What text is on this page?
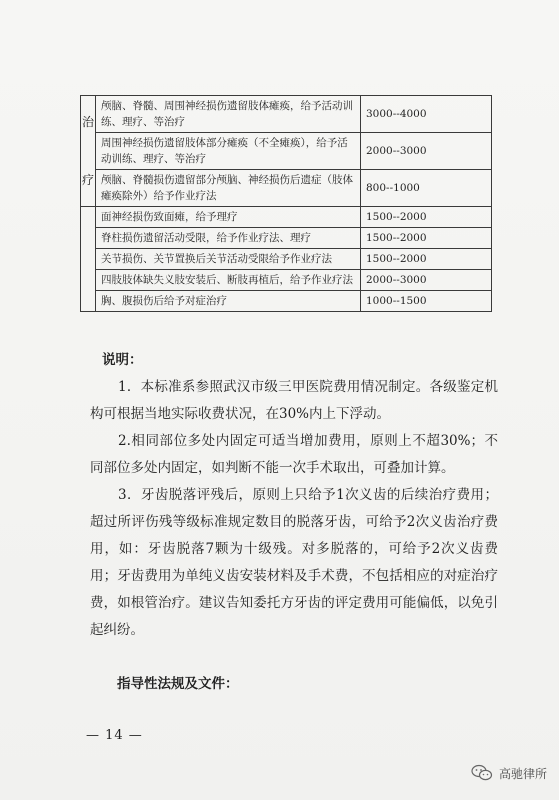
治
疗	颅脑、脊髓、周围神经损伤遗留肢体瘫痪，给予活动训练、理疗、等治疗	3000--4000
	周围神经损伤遗留肢体部分瘫痪（不全瘫痪），给予活动训练、理疗、等治疗	2000--3000
	颅脑、脊髓损伤遗留部分颅脑、神经损伤后遗症（肢体瘫痪除外）给予作业疗法	800--1000
	面神经损伤致面瘫，给予理疗	1500--2000
	脊柱损伤遗留活动受限，给予作业疗法、理疗	1500--2000
	关节损伤、关节置换后关节活动受限给予作业疗法	1500--2000
	四肢肢体缺失义肢安装后、断肢再植后，给予作业疗法	2000--3000
	胸、腹损伤后给予对症治疗	1000--1500
说明：

1．本标准系参照武汉市级三甲医院费用情况制定。各级鉴定机构可根据当地实际收费状况，在30%内上下浮动。

2.相同部位多处内固定可适当增加费用，原则上不超30%；不同部位多处内固定，如判断不能一次手术取出，可叠加计算。

3．牙齿脱落评残后，原则上只给予1次义齿的后续治疗费用；超过所评伤残等级标准规定数目的脱落牙齿，可给予2次义齿治疗费用，如：牙齿脱落7颗为十级残。对多脱落的，可给予2次义齿费用；牙齿费用为单纯义齿安装材料及手术费，不包括相应的对症治疗费，如根管治疗。建议告知委托方牙齿的评定费用可能偏低，以免引起纠纷。

指导性法规及文件：
— 14 —
高驰律所
